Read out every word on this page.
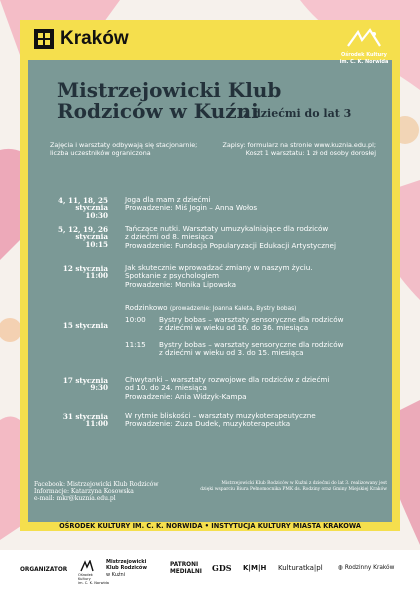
Kraków
Ośrodek Kultury
im. C. K. Norwida
Mistrzejowicki Klub
Rodziców w Kuźni
z dziećmi do lat 3
Zajęcia i warsztaty odbywają się stacjonarnie;
liczba uczestników ograniczona
Zapisy: formularz na stronie www.kuznia.edu.pl;
Koszt 1 warsztatu: 1 zł od osoby dorosłej
4, 11, 18, 25
stycznia
10:30
Joga dla mam z dziećmi
Prowadzenie: Miś Jogin – Anna Wołos
5, 12, 19, 26
stycznia
10:15
Tańczące nutki. Warsztaty umuzykalniające dla rodziców
z dziećmi od 8. miesiąca
Prowadzenie: Fundacja Popularyzacji Edukacji Artystycznej
12 stycznia
11:00
Jak skutecznie wprowadzać zmiany w naszym życiu.
Spotkanie z psychologiem
Prowadzenie: Monika Lipowska
15 stycznia
Rodzinkowo (prowadzenie: Joanna Kaleta, Bystry bobas)
10:00	Bystry bobas – warsztaty sensoryczne dla rodziców
z dziećmi w wieku od 16. do 36. miesiąca
11:15	Bystry bobas – warsztaty sensoryczne dla rodziców
z dziećmi w wieku od 3. do 15. miesiąca
17 stycznia
9:30
Chwytanki – warsztaty rozwojowe dla rodziców z dziećmi
od 10. do 24. miesiąca
Prowadzenie: Ania Widzyk-Kampa
31 stycznia
11:00
W rytmie bliskości – warsztaty muzykoterapeutyczne
Prowadzenie: Zuza Dudek, muzykoterapeutka
Facebook: Mistrzejowicki Klub Rodziców
Informacje: Katarzyna Kosowska
e-mail: mkr@kuznia.edu.pl
Mistrzejowicki Klub Rodziców w Kuźni z dziećmi do lat 3. realizowany jest
dzięki wsparciu Biura Pełnomocnika PMK ds. Rodziny oraz Gminy Miejskiej Kraków
OŚRODEK KULTURY IM. C. K. NORWIDA • INSTYTUCJA KULTURY MIASTA KRAKOWA
ORGANIZATOR
Ośrodek
Kultury
im. C. K. Norwida
Mistrzejowicki
Klub Rodziców
w Kuźni
PATRONI
MEDIALNI GDS K|M|H Kulturatka|pl	◍ Rodzinny Kraków
